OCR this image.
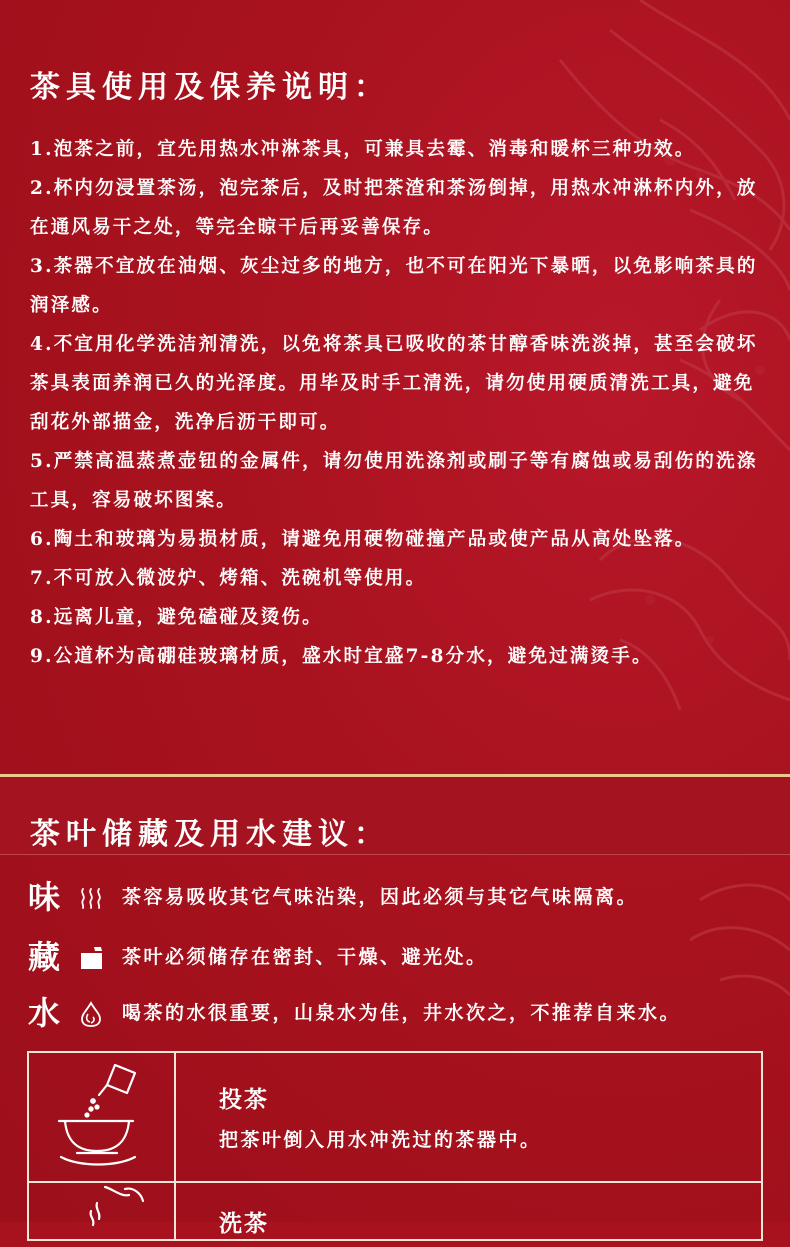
茶具使用及保养说明：
1.泡茶之前，宜先用热水冲淋茶具，可兼具去霉、消毒和暖杯三种功效。
2.杯内勿浸置茶汤，泡完茶后，及时把茶渣和茶汤倒掉，用热水冲淋杯内外，放在通风易干之处，等完全晾干后再妥善保存。
3.茶器不宜放在油烟、灰尘过多的地方，也不可在阳光下暴晒，以免影响茶具的润泽感。
4.不宜用化学洗洁剂清洗，以免将茶具已吸收的茶甘醇香味洗淡掉，甚至会破坏茶具表面养润已久的光泽度。用毕及时手工清洗，请勿使用硬质清洗工具，避免刮花外部描金，洗净后沥干即可。
5.严禁高温蒸煮壶钮的金属件，请勿使用洗涤剂或刷子等有腐蚀或易刮伤的洗涤工具，容易破坏图案。
6.陶土和玻璃为易损材质，请避免用硬物碰撞产品或使产品从高处坠落。
7.不可放入微波炉、烤箱、洗碗机等使用。
8.远离儿童，避免磕碰及烫伤。
9.公道杯为高硼硅玻璃材质，盛水时宜盛7-8分水，避免过满烫手。
茶叶储藏及用水建议：
味	茶容易吸收其它气味沾染，因此必须与其它气味隔离。
藏	茶叶必须储存在密封、干燥、避光处。
水	喝茶的水很重要，山泉水为佳，井水次之，不推荐自来水。
投茶
把茶叶倒入用水冲洗过的茶器中。
洗茶
